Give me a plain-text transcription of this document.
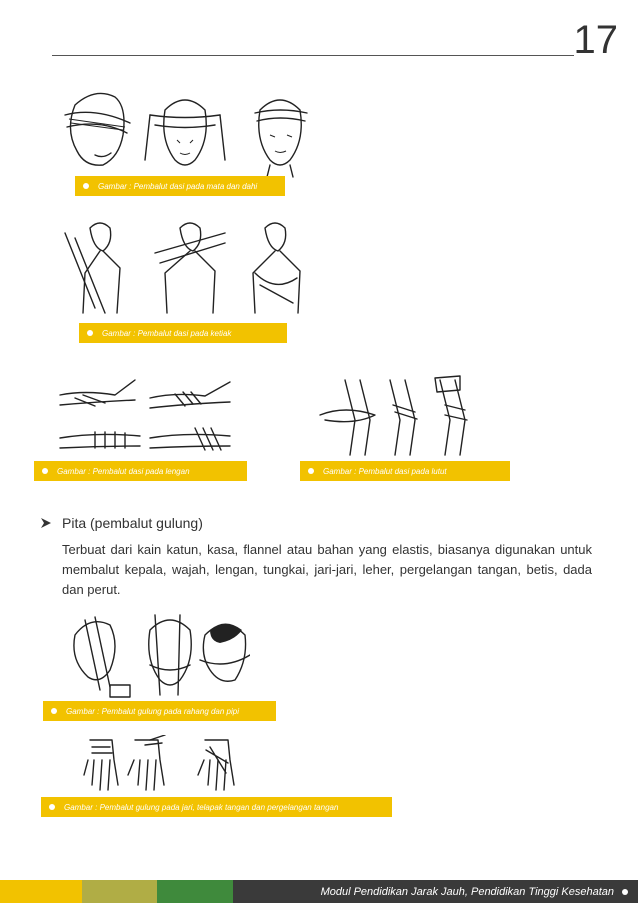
17
Gambar : Pembalut dasi pada mata dan dahi
Gambar : Pembalut dasi pada ketiak
Gambar : Pembalut dasi pada lengan	Gambar : Pembalut dasi pada lutut
Pita (pembalut gulung)
Terbuat dari kain katun, kasa, flannel atau bahan yang elastis, biasanya digunakan untuk membalut kepala, wajah, lengan, tungkai, jari-jari, leher, pergelangan tangan, betis, dada dan perut.
Gambar : Pembalut gulung pada rahang dan pipi
Gambar : Pembalut gulung pada jari, telapak tangan dan pergelangan tangan
Modul Pendidikan Jarak Jauh, Pendidikan Tinggi Kesehatan
